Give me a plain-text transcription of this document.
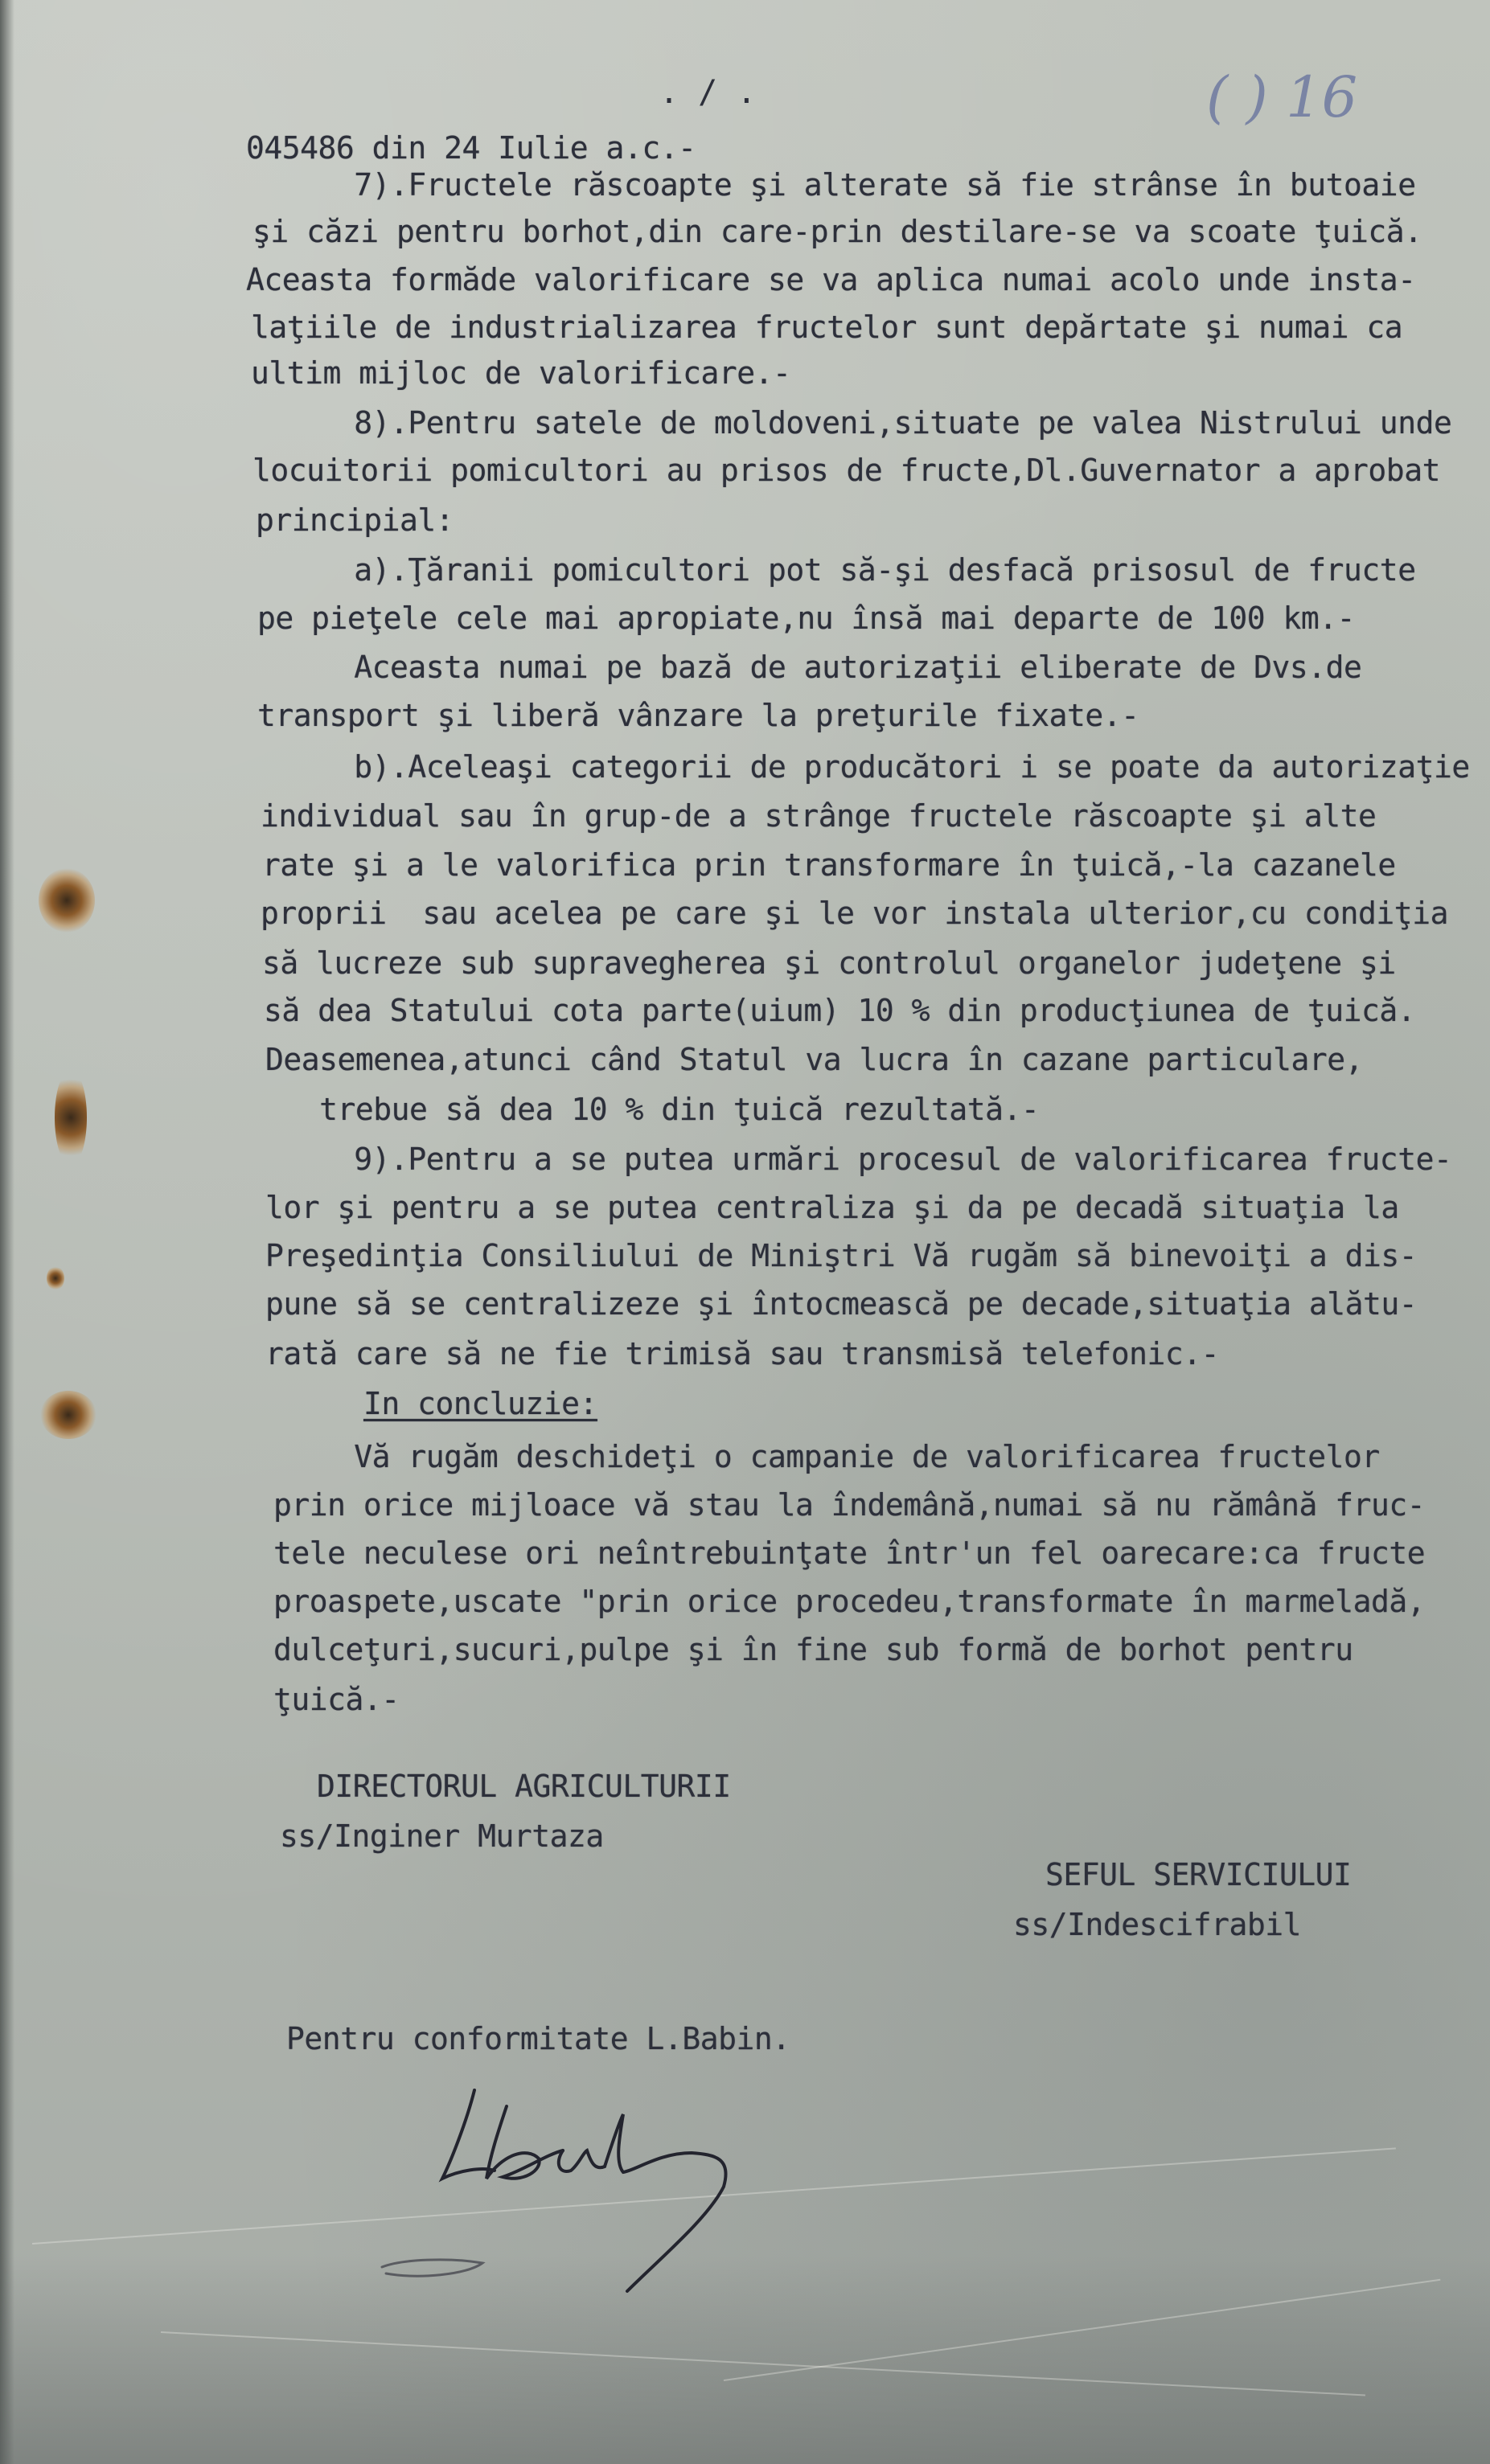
. / .	( ) 16

045486 din 24 Iulie a.c.-

7).Fructele răscoapte şi alterate să fie strânse în butoaie

şi căzi pentru borhot,din care-prin destilare-se va scoate ţuică.

Aceasta formăde valorificare se va aplica numai acolo unde insta-

laţiile de industrializarea fructelor sunt depărtate şi numai ca

ultim mijloc de valorificare.-

8).Pentru satele de moldoveni,situate pe valea Nistrului unde

locuitorii pomicultori au prisos de fructe,Dl.Guvernator a aprobat

principial:

a).Ţăranii pomicultori pot să-şi desfacă prisosul de fructe

pe pieţele cele mai apropiate,nu însă mai departe de 100 km.-

Aceasta numai pe bază de autorizaţii eliberate de Dvs.de

transport şi liberă vânzare la preţurile fixate.-

b).Aceleaşi categorii de producători i se poate da autorizaţie

individual sau în grup-de a strânge fructele răscoapte şi alte

rate şi a le valorifica prin transformare în ţuică,-la cazanele

proprii  sau acelea pe care şi le vor instala ulterior,cu condiţia

să lucreze sub supravegherea şi controlul organelor judeţene şi

să dea Statului cota parte(uium) 10 % din producţiunea de ţuică.

Deasemenea,atunci când Statul va lucra în cazane particulare,

trebue să dea 10 % din ţuică rezultată.-

9).Pentru a se putea urmări procesul de valorificarea fructe-

lor şi pentru a se putea centraliza şi da pe decadă situaţia la

Preşedinţia Consiliului de Miniştri Vă rugăm să binevoiţi a dis-

pune să se centralizeze şi întocmească pe decade,situaţia alătu-

rată care să ne fie trimisă sau transmisă telefonic.-

In concluzie:

Vă rugăm deschideţi o campanie de valorificarea fructelor

prin orice mijloace vă stau la îndemână,numai să nu rămână fruc-

tele neculese ori neîntrebuinţate într'un fel oarecare:ca fructe

proaspete,uscate "prin orice procedeu,transformate în marmeladă,

dulceţuri,sucuri,pulpe şi în fine sub formă de borhot pentru

ţuică.-

DIRECTORUL AGRICULTURII

ss/Inginer Murtaza

SEFUL SERVICIULUI

ss/Indescifrabil

Pentru conformitate L.Babin.
